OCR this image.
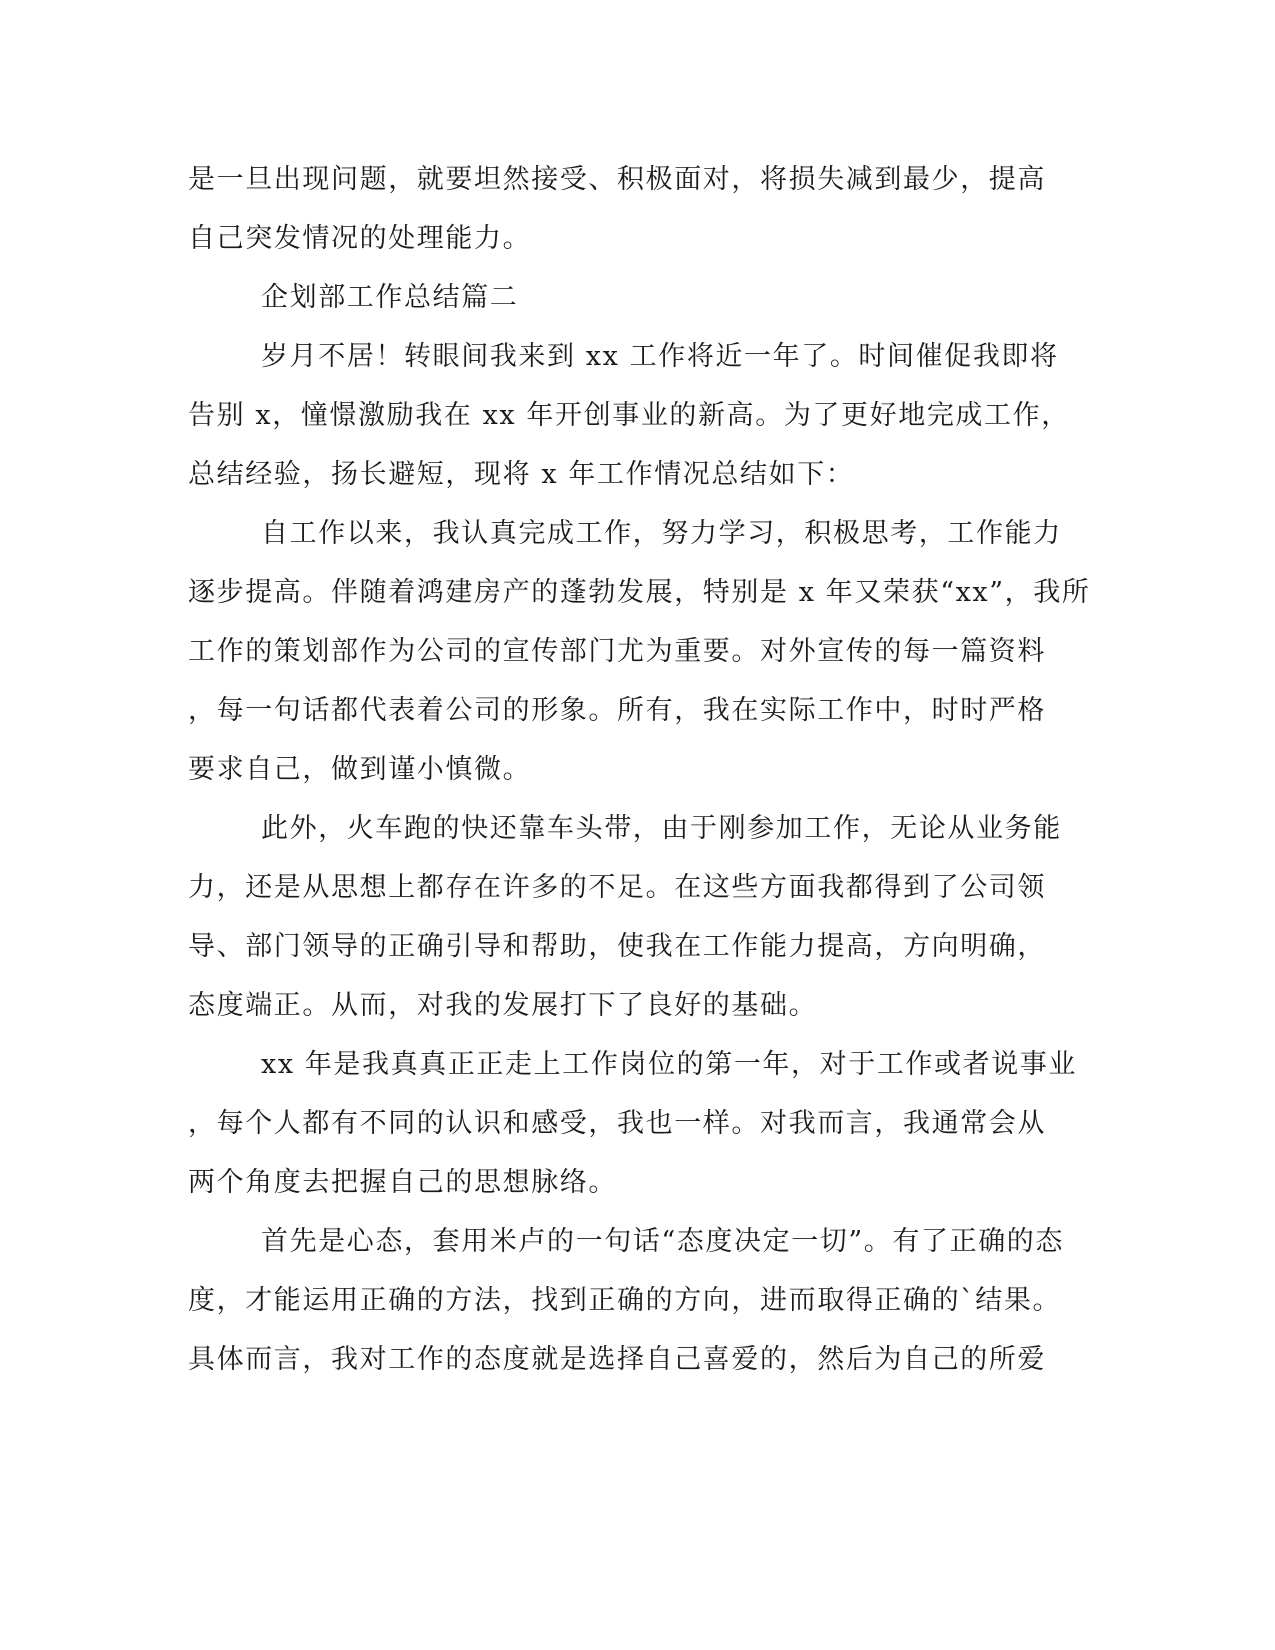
是一旦出现问题，就要坦然接受、积极面对，将损失减到最少，提高
自己突发情况的处理能力。
企划部工作总结篇二
岁月不居！转眼间我来到 xx 工作将近一年了。时间催促我即将
告别 x，憧憬激励我在 xx 年开创事业的新高。为了更好地完成工作，
总结经验，扬长避短，现将 x 年工作情况总结如下：
自工作以来，我认真完成工作，努力学习，积极思考，工作能力
逐步提高。伴随着鸿建房产的蓬勃发展，特别是 x 年又荣获“xx”，我所
工作的策划部作为公司的宣传部门尤为重要。对外宣传的每一篇资料
，每一句话都代表着公司的形象。所有，我在实际工作中，时时严格
要求自己，做到谨小慎微。
此外，火车跑的快还靠车头带，由于刚参加工作，无论从业务能
力，还是从思想上都存在许多的不足。在这些方面我都得到了公司领
导、部门领导的正确引导和帮助，使我在工作能力提高，方向明确，
态度端正。从而，对我的发展打下了良好的基础。
xx 年是我真真正正走上工作岗位的第一年，对于工作或者说事业
，每个人都有不同的认识和感受，我也一样。对我而言，我通常会从
两个角度去把握自己的思想脉络。
首先是心态，套用米卢的一句话“态度决定一切”。有了正确的态
度，才能运用正确的方法，找到正确的方向，进而取得正确的`结果。
具体而言，我对工作的态度就是选择自己喜爱的，然后为自己的所爱
